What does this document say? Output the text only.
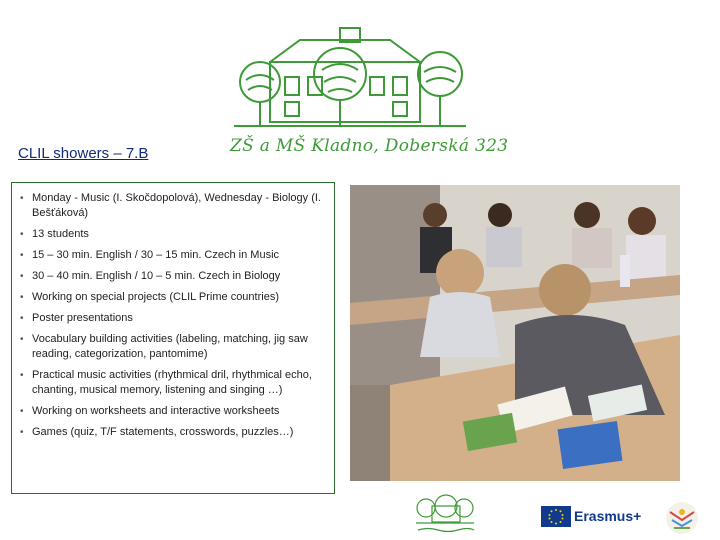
ZŠ a MŠ Kladno, Doberská 323
CLIL showers – 7.B
• Monday - Music (I. Skočdopolová), Wednesday - Biology (I. Bešťáková)
• 13 students
• 15 – 30 min. English / 30 – 15 min. Czech in Music
• 30 – 40 min. English / 10 – 5 min. Czech in Biology
• Working on special projects (CLIL Prime countries)
• Poster presentations
• Vocabulary building activities (labeling, matching, jig saw reading, categorization, pantomime)
• Practical music activities (rhythmical dril, rhythmical echo, chanting, musical memory, listening and singing …)
• Working on worksheets and interactive worksheets
• Games (quiz, T/F statements, crosswords, puzzles…)
Erasmus+
